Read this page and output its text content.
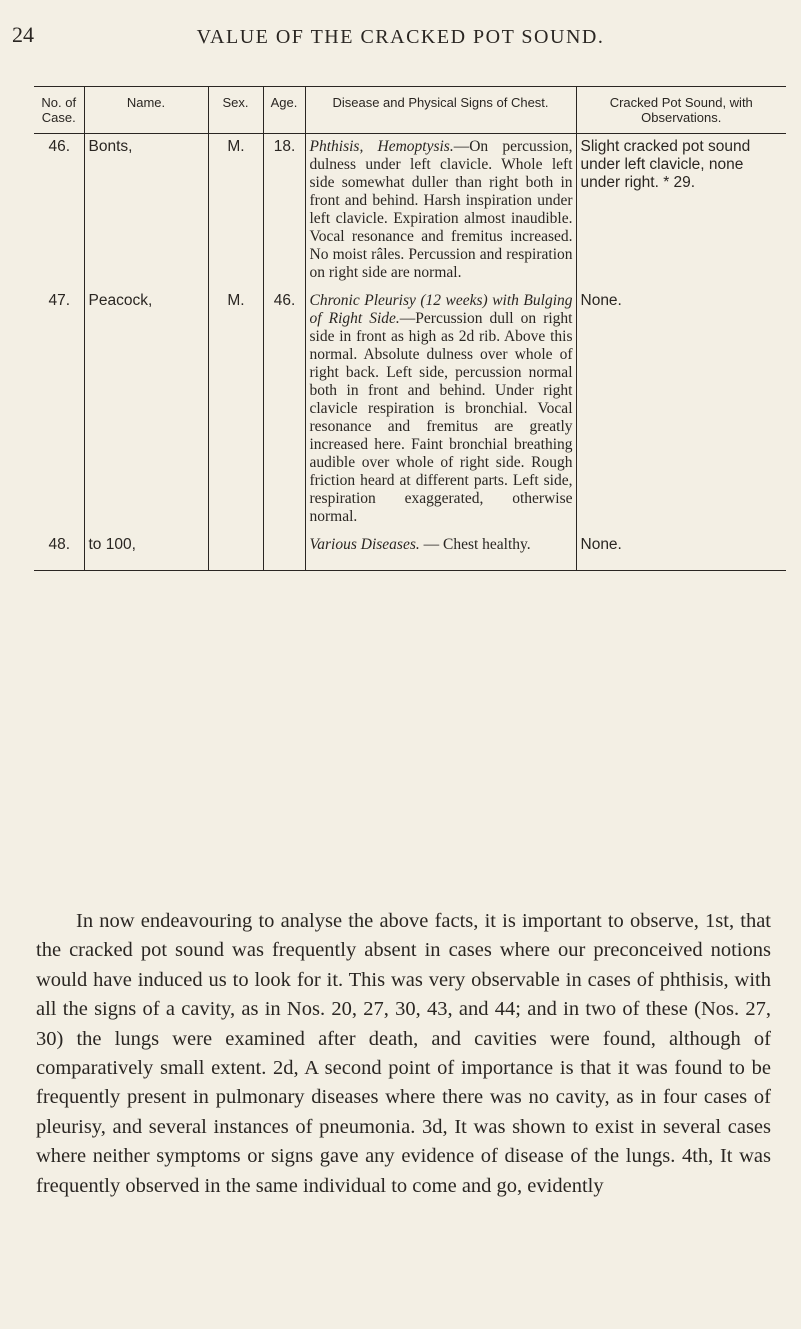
24	VALUE OF THE CRACKED POT SOUND.
No. of Case.	Name.	Sex.	Age.	Disease and Physical Signs of Chest.	Cracked Pot Sound, with Observations.
46.	Bonts,	M.	18.	Phthisis, Hemoptysis.—On percussion, dulness under left clavicle. Whole left side somewhat duller than right both in front and behind. Harsh inspiration under left clavicle. Expiration almost inaudible. Vocal resonance and fremitus increased. No moist râles. Percussion and respiration on right side are normal.	Slight cracked pot sound under left clavicle, none under right. * 29.
47.	Peacock,	M.	46.	Chronic Pleurisy (12 weeks) with Bulging of Right Side.—Percussion dull on right side in front as high as 2d rib. Above this normal. Absolute dulness over whole of right back. Left side, percussion normal both in front and behind. Under right clavicle respiration is bronchial. Vocal resonance and fremitus are greatly increased here. Faint bronchial breathing audible over whole of right side. Rough friction heard at different parts. Left side, respiration exaggerated, otherwise normal.	None.
48.	to 100,			Various Diseases. — Chest healthy.	None.
In now endeavouring to analyse the above facts, it is important to observe, 1st, that the cracked pot sound was frequently absent in cases where our preconceived notions would have induced us to look for it. This was very observable in cases of phthisis, with all the signs of a cavity, as in Nos. 20, 27, 30, 43, and 44; and in two of these (Nos. 27, 30) the lungs were examined after death, and cavities were found, although of comparatively small extent. 2d, A second point of importance is that it was found to be frequently present in pulmonary diseases where there was no cavity, as in four cases of pleurisy, and several instances of pneumonia. 3d, It was shown to exist in several cases where neither symptoms or signs gave any evidence of disease of the lungs. 4th, It was frequently observed in the same individual to come and go, evidently
